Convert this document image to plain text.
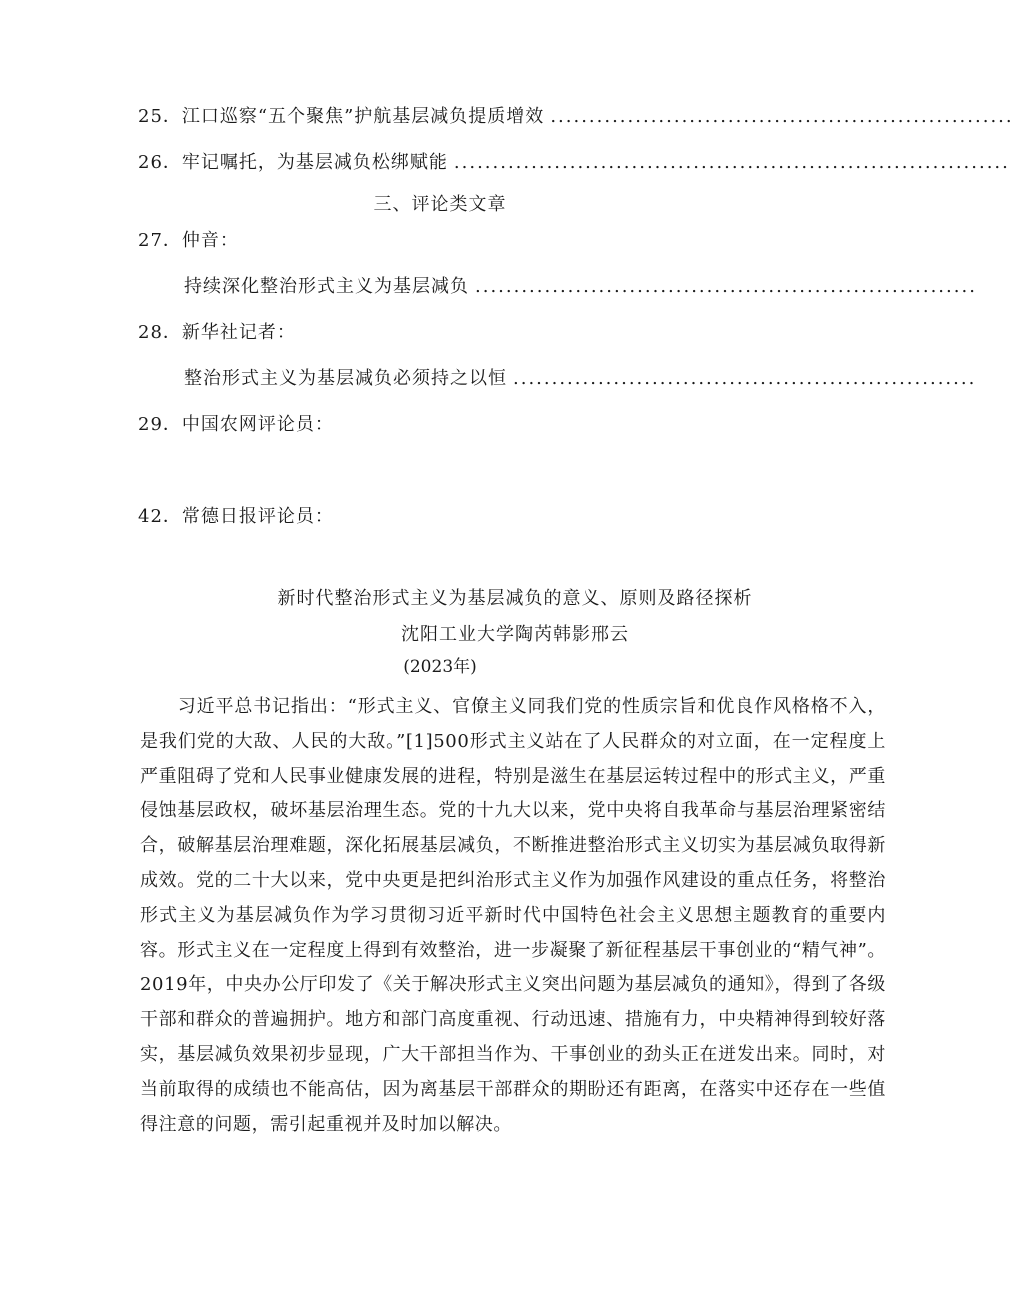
25 ．江口巡察“五个聚焦”护航基层减负提质增效 ............................................................
26 ．牢记嘱托，为基层减负松绑赋能 ........................................................................
三、评论类文章
27 ．仲音：
持续深化整治形式主义为基层减负 .................................................................
28 ．新华社记者：
整治形式主义为基层减负必须持之以恒 ............................................................
29 ．中国农网评论员：
42 ．常德日报评论员：
新时代整治形式主义为基层减负的意义、原则及路径探析
沈阳工业大学陶芮韩影邢云
(2023年)

习近平总书记指出：“形式主义、官僚主义同我们党的性质宗旨和优良作风格格不入，是我们党的大敌、人民的大敌。”[1]500形式主义站在了人民群众的对立面，在一定程度上严重阻碍了党和人民事业健康发展的进程，特别是滋生在基层运转过程中的形式主义，严重侵蚀基层政权，破坏基层治理生态。党的十九大以来，党中央将自我革命与基层治理紧密结合，破解基层治理难题，深化拓展基层减负，不断推进整治形式主义切实为基层减负取得新成效。党的二十大以来，党中央更是把纠治形式主义作为加强作风建设的重点任务，将整治形式主义为基层减负作为学习贯彻习近平新时代中国特色社会主义思想主题教育的重要内容。形式主义在一定程度上得到有效整治，进一步凝聚了新征程基层干事创业的“精气神”。2019年，中央办公厅印发了《关于解决形式主义突出问题为基层减负的通知》，得到了各级干部和群众的普遍拥护。地方和部门高度重视、行动迅速、措施有力，中央精神得到较好落实，基层减负效果初步显现，广大干部担当作为、干事创业的劲头正在迸发出来。同时，对当前取得的成绩也不能高估，因为离基层干部群众的期盼还有距离，在落实中还存在一些值得注意的问题，需引起重视并及时加以解决。
